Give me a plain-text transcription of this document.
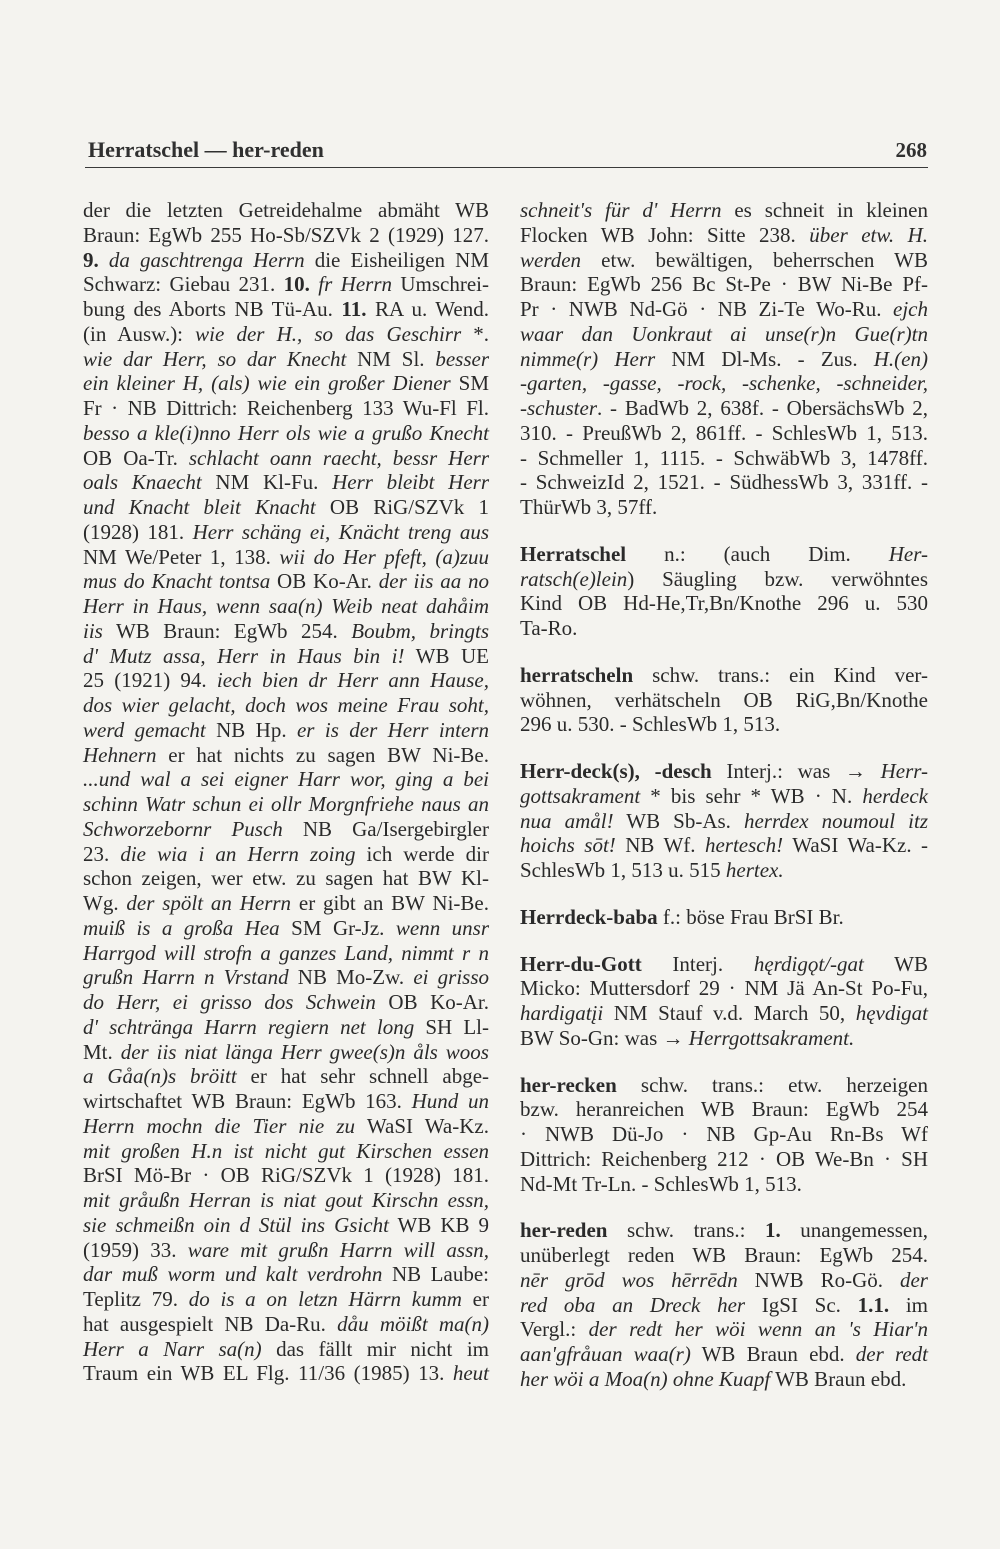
Herratschel — her-reden	268
der die letzten Getreidehalme abmäht WB
Braun: EgWb 255 Ho-Sb/SZVk 2 (1929) 127.
9. da gaschtrenga Herrn die Eisheiligen NM
Schwarz: Giebau 231. 10. fr Herrn Umschrei-
bung des Aborts NB Tü-Au. 11. RA u. Wend.
(in Ausw.): wie der H., so das Geschirr *.
wie dar Herr, so dar Knecht NM Sl. besser
ein kleiner H, (als) wie ein großer Diener SM
Fr · NB Dittrich: Reichenberg 133 Wu-Fl Fl.
besso a kle(i)nno Herr ols wie a grußo Knecht
OB Oa-Tr. schlacht oann raecht, bessr Herr
oals Knaecht NM Kl-Fu. Herr bleibt Herr
und Knacht bleit Knacht OB RiG/SZVk 1
(1928) 181. Herr schäng ei, Knächt treng aus
NM We/Peter 1, 138. wii do Her pfeft, (a)zuu
mus do Knacht tontsa OB Ko-Ar. der iis aa no
Herr in Haus, wenn saa(n) Weib neat dahåim
iis WB Braun: EgWb 254. Boubm, bringts
d' Mutz assa, Herr in Haus bin i! WB UE
25 (1921) 94. iech bien dr Herr ann Hause,
dos wier gelacht, doch wos meine Frau soht,
werd gemacht NB Hp. er is der Herr intern
Hehnern er hat nichts zu sagen BW Ni-Be.
...und wal a sei eigner Harr wor, ging a bei
schinn Watr schun ei ollr Morgnfriehe naus an
Schworzebornr Pusch NB Ga/Isergebirgler
23. die wia i an Herrn zoing ich werde dir
schon zeigen, wer etw. zu sagen hat BW Kl-
Wg. der spölt an Herrn er gibt an BW Ni-Be.
muiß is a großa Hea SM Gr-Jz. wenn unsr
Harrgod will strofn a ganzes Land, nimmt r n
grußn Harrn n Vrstand NB Mo-Zw. ei grisso
do Herr, ei grisso dos Schwein OB Ko-Ar.
d' schtränga Harrn regiern net long SH Ll-
Mt. der iis niat länga Herr gwee(s)n åls woos
a Gåa(n)s bröitt er hat sehr schnell abge-
wirtschaftet WB Braun: EgWb 163. Hund un
Herrn mochn die Tier nie zu WaSI Wa-Kz.
mit großen H.n ist nicht gut Kirschen essen
BrSI Mö-Br · OB RiG/SZVk 1 (1928) 181.
mit gråußn Herran is niat gout Kirschn essn,
sie schmeißn oin d Stül ins Gsicht WB KB 9
(1959) 33. ware mit grußn Harrn will assn,
dar muß worm und kalt verdrohn NB Laube:
Teplitz 79. do is a on letzn Härrn kumm er
hat ausgespielt NB Da-Ru. dåu möißt ma(n)
Herr a Narr sa(n) das fällt mir nicht im
Traum ein WB EL Flg. 11/36 (1985) 13. heut
schneit's für d' Herrn es schneit in kleinen
Flocken WB John: Sitte 238. über etw. H.
werden etw. bewältigen, beherrschen WB
Braun: EgWb 256 Bc St-Pe · BW Ni-Be Pf-
Pr · NWB Nd-Gö · NB Zi-Te Wo-Ru. ejch
waar dan Uonkraut ai unse(r)n Gue(r)tn
nimme(r) Herr NM Dl-Ms. - Zus. H.(en)
-garten, -gasse, -rock, -schenke, -schneider,
-schuster. - BadWb 2, 638f. - ObersächsWb 2,
310. - PreußWb 2, 861ff. - SchlesWb 1, 513.
- Schmeller 1, 1115. - SchwäbWb 3, 1478ff.
- SchweizId 2, 1521. - SüdhessWb 3, 331ff. -
ThürWb 3, 57ff.
Herratschel n.: (auch Dim. Her-
ratsch(e)lein) Säugling bzw. verwöhntes
Kind OB Hd-He,Tr,Bn/Knothe 296 u. 530
Ta-Ro.
herratscheln schw. trans.: ein Kind ver-
wöhnen, verhätscheln OB RiG,Bn/Knothe
296 u. 530. - SchlesWb 1, 513.
Herr-deck(s), -desch Interj.: was → Herr-
gottsakrament * bis sehr * WB · N. herdeck
nua amål! WB Sb-As. herrdex noumoul itz
hoichs sōt! NB Wf. hertesch! WaSI Wa-Kz. -
SchlesWb 1, 513 u. 515 hertex.
Herrdeck-baba f.: böse Frau BrSI Br.
Herr-du-Gott Interj. hęrdigǫt/-gat WB
Micko: Muttersdorf 29 · NM Jä An-St Po-Fu,
hardigatįi NM Stauf v.d. March 50, hęvdigat
BW So-Gn: was → Herrgottsakrament.
her-recken schw. trans.: etw. herzeigen
bzw. heranreichen WB Braun: EgWb 254
· NWB Dü-Jo · NB Gp-Au Rn-Bs Wf
Dittrich: Reichenberg 212 · OB We-Bn · SH
Nd-Mt Tr-Ln. - SchlesWb 1, 513.
her-reden schw. trans.: 1. unangemessen,
unüberlegt reden WB Braun: EgWb 254.
nēr grōd wos hērrēdn NWB Ro-Gö. der
red oba an Dreck her IgSI Sc. 1.1. im
Vergl.: der redt her wöi wenn an 's Hiar'n
aan'gfråuan waa(r) WB Braun ebd. der redt
her wöi a Moa(n) ohne Kuapf WB Braun ebd.
